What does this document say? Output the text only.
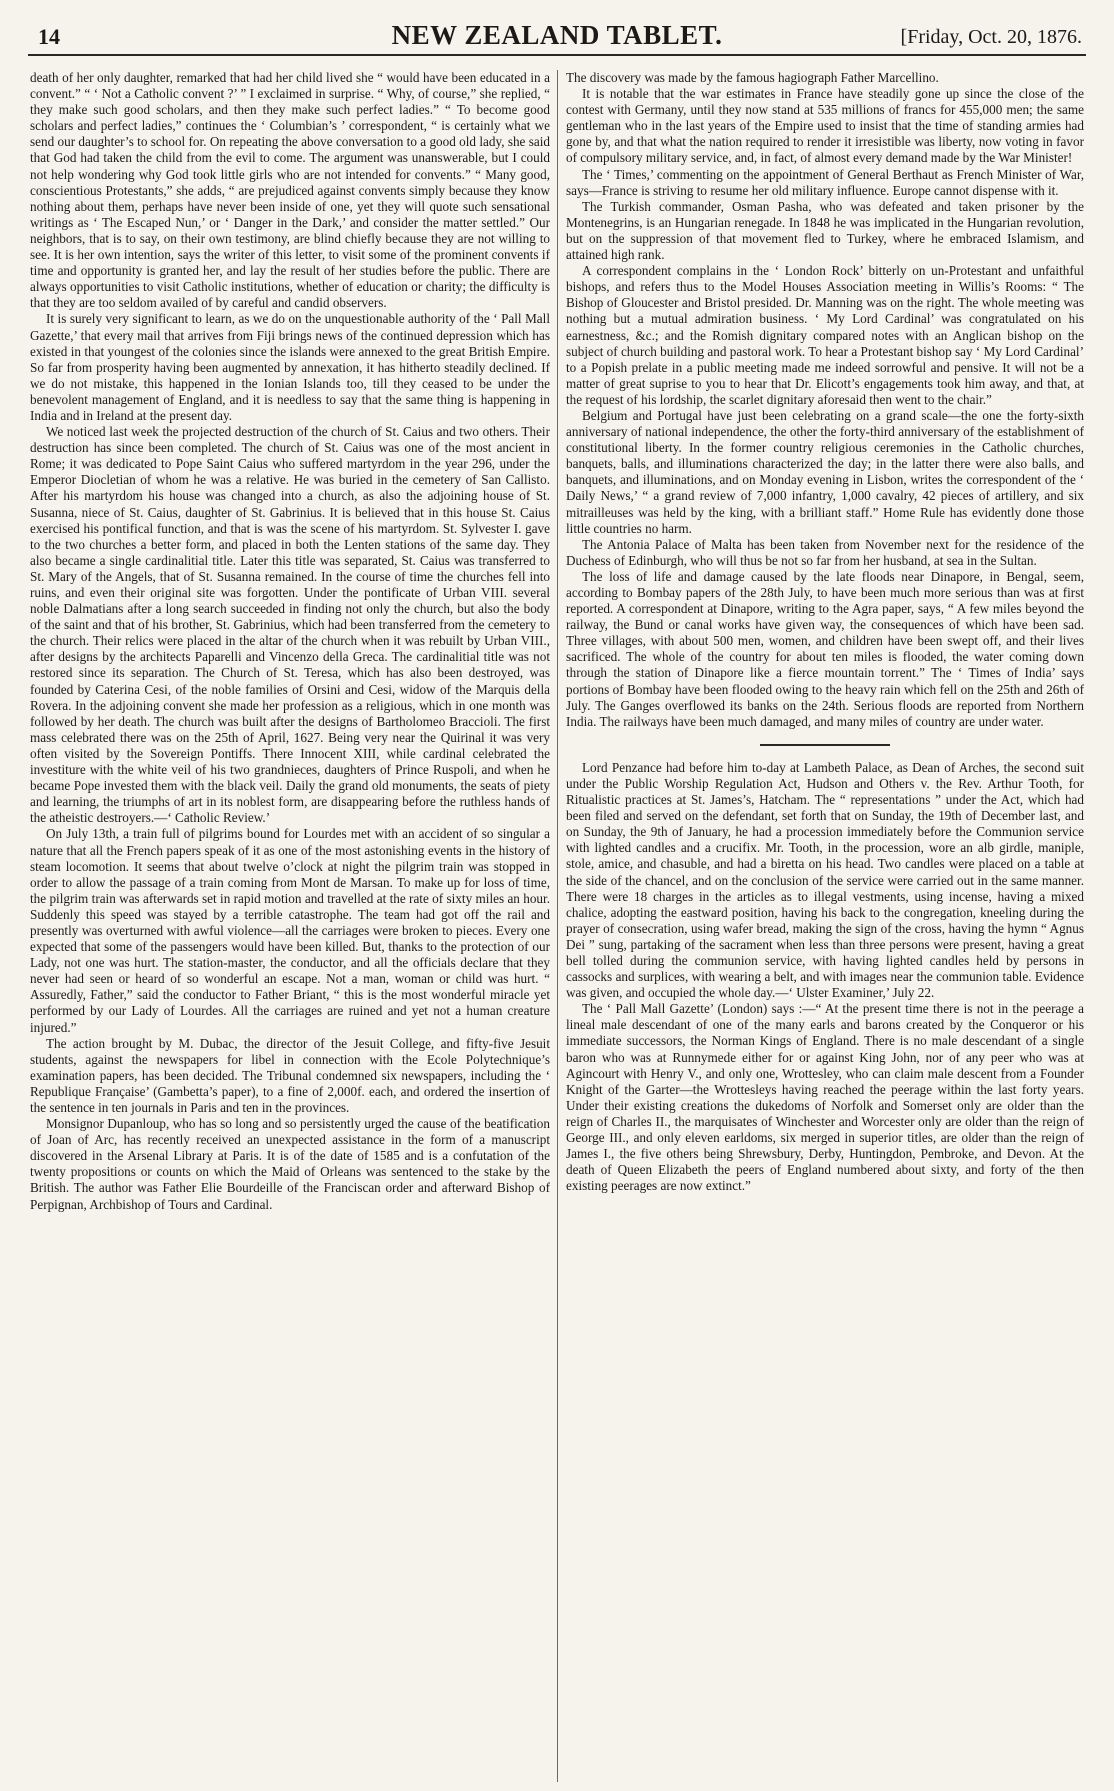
14	NEW ZEALAND TABLET.	[Friday, Oct. 20, 1876.

death of her only daughter, remarked that had her child lived she “ would have been educated in a convent.” “ ‘ Not a Catholic convent ?’ ” I exclaimed in surprise. “ Why, of course,” she replied, “ they make such good scholars, and then they make such perfect ladies.” “ To become good scholars and perfect ladies,” continues the ‘ Columbian’s ’ correspondent, “ is certainly what we send our daughter’s to school for. On repeating the above conversation to a good old lady, she said that God had taken the child from the evil to come. The argument was unanswerable, but I could not help wondering why God took little girls who are not intended for convents.” “ Many good, conscientious Protestants,” she adds, “ are prejudiced against convents simply because they know nothing about them, perhaps have never been inside of one, yet they will quote such sensational writings as ‘ The Escaped Nun,’ or ‘ Danger in the Dark,’ and consider the matter settled.” Our neighbors, that is to say, on their own testimony, are blind chiefly because they are not willing to see. It is her own intention, says the writer of this letter, to visit some of the prominent convents if time and opportunity is granted her, and lay the result of her studies before the public. There are always opportunities to visit Catholic institutions, whether of education or charity; the difficulty is that they are too seldom availed of by careful and candid observers.

It is surely very significant to learn, as we do on the unquestionable authority of the ‘ Pall Mall Gazette,’ that every mail that arrives from Fiji brings news of the continued depression which has existed in that youngest of the colonies since the islands were annexed to the great British Empire. So far from prosperity having been augmented by annexation, it has hitherto steadily declined. If we do not mistake, this happened in the Ionian Islands too, till they ceased to be under the benevolent management of England, and it is needless to say that the same thing is happening in India and in Ireland at the present day.

We noticed last week the projected destruction of the church of St. Caius and two others. Their destruction has since been completed. The church of St. Caius was one of the most ancient in Rome; it was dedicated to Pope Saint Caius who suffered martyrdom in the year 296, under the Emperor Diocletian of whom he was a relative. He was buried in the cemetery of San Callisto. After his martyrdom his house was changed into a church, as also the adjoining house of St. Susanna, niece of St. Caius, daughter of St. Gabrinius. It is believed that in this house St. Caius exercised his pontifical function, and that is was the scene of his martyrdom. St. Sylvester I. gave to the two churches a better form, and placed in both the Lenten stations of the same day. They also became a single cardinalitial title. Later this title was separated, St. Caius was transferred to St. Mary of the Angels, that of St. Susanna remained. In the course of time the churches fell into ruins, and even their original site was forgotten. Under the pontificate of Urban VIII. several noble Dalmatians after a long search succeeded in finding not only the church, but also the body of the saint and that of his brother, St. Gabrinius, which had been transferred from the cemetery to the church. Their relics were placed in the altar of the church when it was rebuilt by Urban VIII., after designs by the architects Paparelli and Vincenzo della Greca. The cardinalitial title was not restored since its separation. The Church of St. Teresa, which has also been destroyed, was founded by Caterina Cesi, of the noble families of Orsini and Cesi, widow of the Marquis della Rovera. In the adjoining convent she made her profession as a religious, which in one month was followed by her death. The church was built after the designs of Bartholomeo Braccioli. The first mass celebrated there was on the 25th of April, 1627. Being very near the Quirinal it was very often visited by the Sovereign Pontiffs. There Innocent XIII, while cardinal celebrated the investiture with the white veil of his two grandnieces, daughters of Prince Ruspoli, and when he became Pope invested them with the black veil. Daily the grand old monuments, the seats of piety and learning, the triumphs of art in its noblest form, are disappearing before the ruthless hands of the atheistic destroyers.—‘ Catholic Review.’

On July 13th, a train full of pilgrims bound for Lourdes met with an accident of so singular a nature that all the French papers speak of it as one of the most astonishing events in the history of steam locomotion. It seems that about twelve o’clock at night the pilgrim train was stopped in order to allow the passage of a train coming from Mont de Marsan. To make up for loss of time, the pilgrim train was afterwards set in rapid motion and travelled at the rate of sixty miles an hour. Suddenly this speed was stayed by a terrible catastrophe. The team had got off the rail and presently was overturned with awful violence—all the carriages were broken to pieces. Every one expected that some of the passengers would have been killed. But, thanks to the protection of our Lady, not one was hurt. The station-master, the conductor, and all the officials declare that they never had seen or heard of so wonderful an escape. Not a man, woman or child was hurt. “ Assuredly, Father,” said the conductor to Father Briant, “ this is the most wonderful miracle yet performed by our Lady of Lourdes. All the carriages are ruined and yet not a human creature injured.”

The action brought by M. Dubac, the director of the Jesuit College, and fifty-five Jesuit students, against the newspapers for libel in connection with the Ecole Polytechnique’s examination papers, has been decided. The Tribunal condemned six newspapers, including the ‘ Republique Française’ (Gambetta’s paper), to a fine of 2,000f. each, and ordered the insertion of the sentence in ten journals in Paris and ten in the provinces.

Monsignor Dupanloup, who has so long and so persistently urged the cause of the beatification of Joan of Arc, has recently received an unexpected assistance in the form of a manuscript discovered in the Arsenal Library at Paris. It is of the date of 1585 and is a confutation of the twenty propositions or counts on which the Maid of Orleans was sentenced to the stake by the British. The author was Father Elie Bourdeille of the Franciscan order and afterward Bishop of Perpignan, Archbishop of Tours and Cardinal.

The discovery was made by the famous hagiograph Father Marcellino.

It is notable that the war estimates in France have steadily gone up since the close of the contest with Germany, until they now stand at 535 millions of francs for 455,000 men; the same gentleman who in the last years of the Empire used to insist that the time of standing armies had gone by, and that what the nation required to render it irresistible was liberty, now voting in favor of compulsory military service, and, in fact, of almost every demand made by the War Minister!

The ‘ Times,’ commenting on the appointment of General Berthaut as French Minister of War, says—France is striving to resume her old military influence. Europe cannot dispense with it.

The Turkish commander, Osman Pasha, who was defeated and taken prisoner by the Montenegrins, is an Hungarian renegade. In 1848 he was implicated in the Hungarian revolution, but on the suppression of that movement fled to Turkey, where he embraced Islamism, and attained high rank.

A correspondent complains in the ‘ London Rock’ bitterly on un-Protestant and unfaithful bishops, and refers thus to the Model Houses Association meeting in Willis’s Rooms: “ The Bishop of Gloucester and Bristol presided. Dr. Manning was on the right. The whole meeting was nothing but a mutual admiration business. ‘ My Lord Cardinal’ was congratulated on his earnestness, &c.; and the Romish dignitary compared notes with an Anglican bishop on the subject of church building and pastoral work. To hear a Protestant bishop say ‘ My Lord Cardinal’ to a Popish prelate in a public meeting made me indeed sorrowful and pensive. It will not be a matter of great suprise to you to hear that Dr. Elicott’s engagements took him away, and that, at the request of his lordship, the scarlet dignitary aforesaid then went to the chair.”

Belgium and Portugal have just been celebrating on a grand scale—the one the forty-sixth anniversary of national independence, the other the forty-third anniversary of the establishment of constitutional liberty. In the former country religious ceremonies in the Catholic churches, banquets, balls, and illuminations characterized the day; in the latter there were also balls, and banquets, and illuminations, and on Monday evening in Lisbon, writes the correspondent of the ‘ Daily News,’ “ a grand review of 7,000 infantry, 1,000 cavalry, 42 pieces of artillery, and six mitrailleuses was held by the king, with a brilliant staff.” Home Rule has evidently done those little countries no harm.

The Antonia Palace of Malta has been taken from November next for the residence of the Duchess of Edinburgh, who will thus be not so far from her husband, at sea in the Sultan.

The loss of life and damage caused by the late floods near Dinapore, in Bengal, seem, according to Bombay papers of the 28th July, to have been much more serious than was at first reported. A correspondent at Dinapore, writing to the Agra paper, says, “ A few miles beyond the railway, the Bund or canal works have given way, the consequences of which have been sad. Three villages, with about 500 men, women, and children have been swept off, and their lives sacrificed. The whole of the country for about ten miles is flooded, the water coming down through the station of Dinapore like a fierce mountain torrent.” The ‘ Times of India’ says portions of Bombay have been flooded owing to the heavy rain which fell on the 25th and 26th of July. The Ganges overflowed its banks on the 24th. Serious floods are reported from Northern India. The railways have been much damaged, and many miles of country are under water.

Lord Penzance had before him to-day at Lambeth Palace, as Dean of Arches, the second suit under the Public Worship Regulation Act, Hudson and Others v. the Rev. Arthur Tooth, for Ritualistic practices at St. James’s, Hatcham. The “ representations ” under the Act, which had been filed and served on the defendant, set forth that on Sunday, the 19th of December last, and on Sunday, the 9th of January, he had a procession immediately before the Communion service with lighted candles and a crucifix. Mr. Tooth, in the procession, wore an alb girdle, maniple, stole, amice, and chasuble, and had a biretta on his head. Two candles were placed on a table at the side of the chancel, and on the conclusion of the service were carried out in the same manner. There were 18 charges in the articles as to illegal vestments, using incense, having a mixed chalice, adopting the eastward position, having his back to the congregation, kneeling during the prayer of consecration, using wafer bread, making the sign of the cross, having the hymn “ Agnus Dei ” sung, partaking of the sacrament when less than three persons were present, having a great bell tolled during the communion service, with having lighted candles held by persons in cassocks and surplices, with wearing a belt, and with images near the communion table. Evidence was given, and occupied the whole day.—‘ Ulster Examiner,’ July 22.

The ‘ Pall Mall Gazette’ (London) says :—“ At the present time there is not in the peerage a lineal male descendant of one of the many earls and barons created by the Conqueror or his immediate successors, the Norman Kings of England. There is no male descendant of a single baron who was at Runnymede either for or against King John, nor of any peer who was at Agincourt with Henry V., and only one, Wrottesley, who can claim male descent from a Founder Knight of the Garter—the Wrottesleys having reached the peerage within the last forty years. Under their existing creations the dukedoms of Norfolk and Somerset only are older than the reign of Charles II., the marquisates of Winchester and Worcester only are older than the reign of George III., and only eleven earldoms, six merged in superior titles, are older than the reign of James I., the five others being Shrewsbury, Derby, Huntingdon, Pembroke, and Devon. At the death of Queen Elizabeth the peers of England numbered about sixty, and forty of the then existing peerages are now extinct.”
